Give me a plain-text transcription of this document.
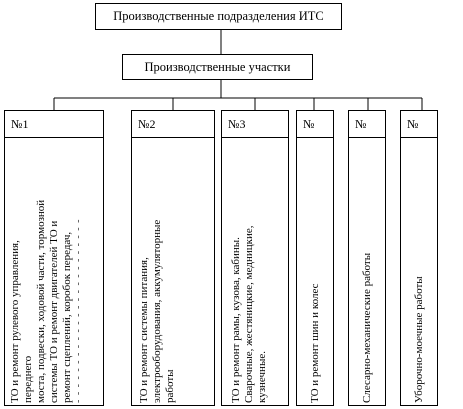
Производственные подразделения ИТС
Производственные участки
№1
ТО и ремонт рулевого управления, переднего моста, подвески, ходовой части, тормозной системы ТО и ремонт двигателей ТО и ремонт сцеплений, коробок передач, - - - - - - - - - - - - - - - - - - - - - - - -
№2
ТО и ремонт системы питания, электрооборудования, аккумуляторные работы
№3
ТО и ремонт рамы, кузова, кабины. Сварочные, жестяницкие, медницкие, кузнечные.
№
ТО и ремонт шин и колес
№
Слесарно-механические работы
№
Уборочно-моечные работы
